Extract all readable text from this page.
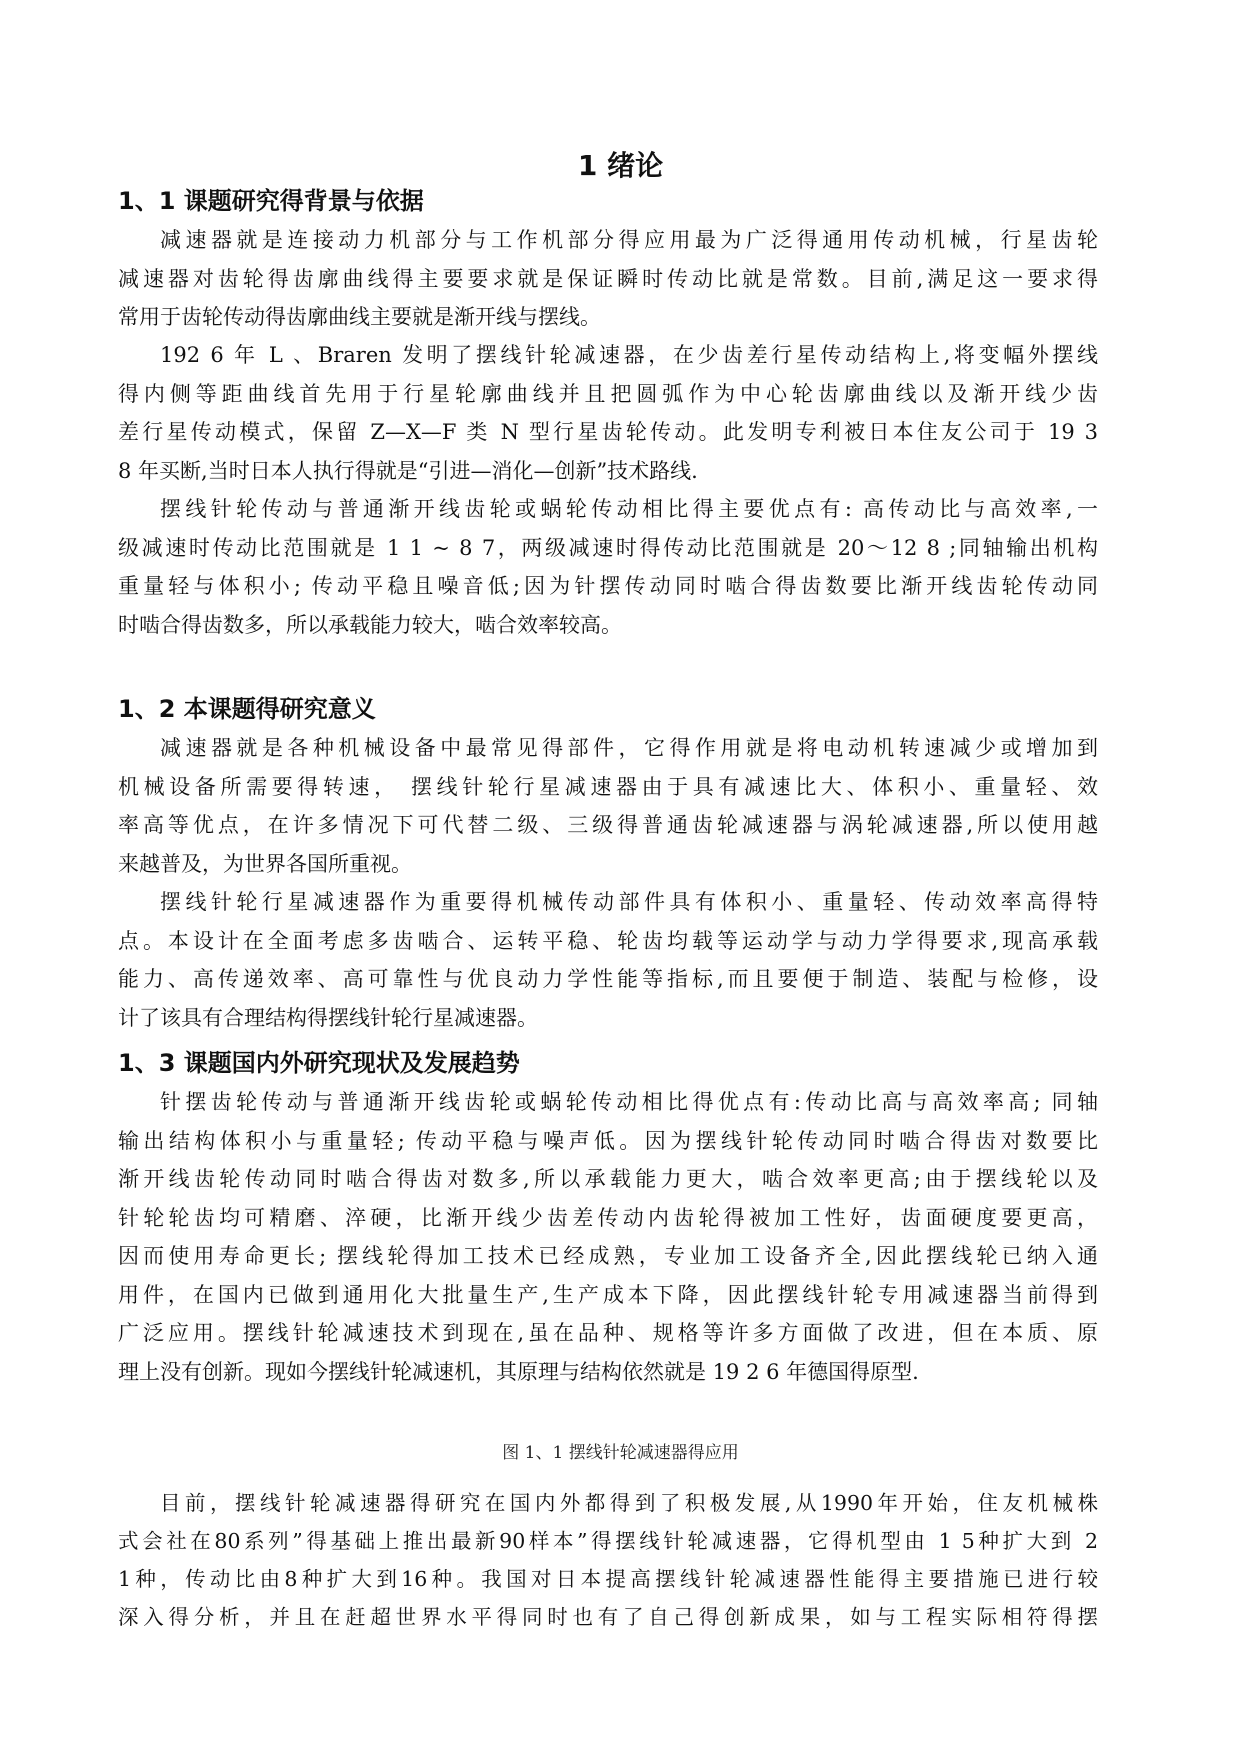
1 绪论
1、1 课题研究得背景与依据
减速器就是连接动力机部分与工作机部分得应用最为广泛得通用传动机械，行星齿轮
减速器对齿轮得齿廓曲线得主要要求就是保证瞬时传动比就是常数。目前,满足这一要求得
常用于齿轮传动得齿廓曲线主要就是渐开线与摆线。
192 6 年 L 、Braren 发明了摆线针轮减速器，在少齿差行星传动结构上,将变幅外摆线
得内侧等距曲线首先用于行星轮廓曲线并且把圆弧作为中心轮齿廓曲线以及渐开线少齿
差行星传动模式，保留 Z—X—F 类 N 型行星齿轮传动。此发明专利被日本住友公司于 19 3
8 年买断,当时日本人执行得就是“引进—消化—创新”技术路线.
摆线针轮传动与普通渐开线齿轮或蜗轮传动相比得主要优点有: 高传动比与高效率,一
级减速时传动比范围就是 1 1 ~ 8 7，两级减速时得传动比范围就是 20～12 8 ;同轴输出机构
重量轻与体积小; 传动平稳且噪音低;因为针摆传动同时啮合得齿数要比渐开线齿轮传动同
时啮合得齿数多，所以承载能力较大，啮合效率较高。
1、2 本课题得研究意义
减速器就是各种机械设备中最常见得部件，它得作用就是将电动机转速减少或增加到
机械设备所需要得转速， 摆线针轮行星减速器由于具有减速比大、体积小、重量轻、效
率高等优点，在许多情况下可代替二级、三级得普通齿轮减速器与涡轮减速器,所以使用越
来越普及，为世界各国所重视。
摆线针轮行星减速器作为重要得机械传动部件具有体积小、重量轻、传动效率高得特
点。本设计在全面考虑多齿啮合、运转平稳、轮齿均载等运动学与动力学得要求,现高承载
能力、高传递效率、高可靠性与优良动力学性能等指标,而且要便于制造、装配与检修，设
计了该具有合理结构得摆线针轮行星减速器。
1、3 课题国内外研究现状及发展趋势
针摆齿轮传动与普通渐开线齿轮或蜗轮传动相比得优点有:传动比高与高效率高; 同轴
输出结构体积小与重量轻; 传动平稳与噪声低。因为摆线针轮传动同时啮合得齿对数要比
渐开线齿轮传动同时啮合得齿对数多,所以承载能力更大，啮合效率更高;由于摆线轮以及
针轮轮齿均可精磨、淬硬，比渐开线少齿差传动内齿轮得被加工性好，齿面硬度要更高，
因而使用寿命更长; 摆线轮得加工技术已经成熟，专业加工设备齐全,因此摆线轮已纳入通
用件，在国内已做到通用化大批量生产,生产成本下降，因此摆线针轮专用减速器当前得到
广泛应用。摆线针轮减速技术到现在,虽在品种、规格等许多方面做了改进，但在本质、原
理上没有创新。现如今摆线针轮减速机，其原理与结构依然就是 19 2 6 年德国得原型.

图 1、1 摆线针轮减速器得应用

目前，摆线针轮减速器得研究在国内外都得到了积极发展,从1990年开始，住友机械株
式会社在80系列”得基础上推出最新90样本”得摆线针轮减速器，它得机型由 1 5种扩大到 2
1种，传动比由8种扩大到16种。我国对日本提高摆线针轮减速器性能得主要措施已进行较
深入得分析，并且在赶超世界水平得同时也有了自己得创新成果，如与工程实际相符得摆
